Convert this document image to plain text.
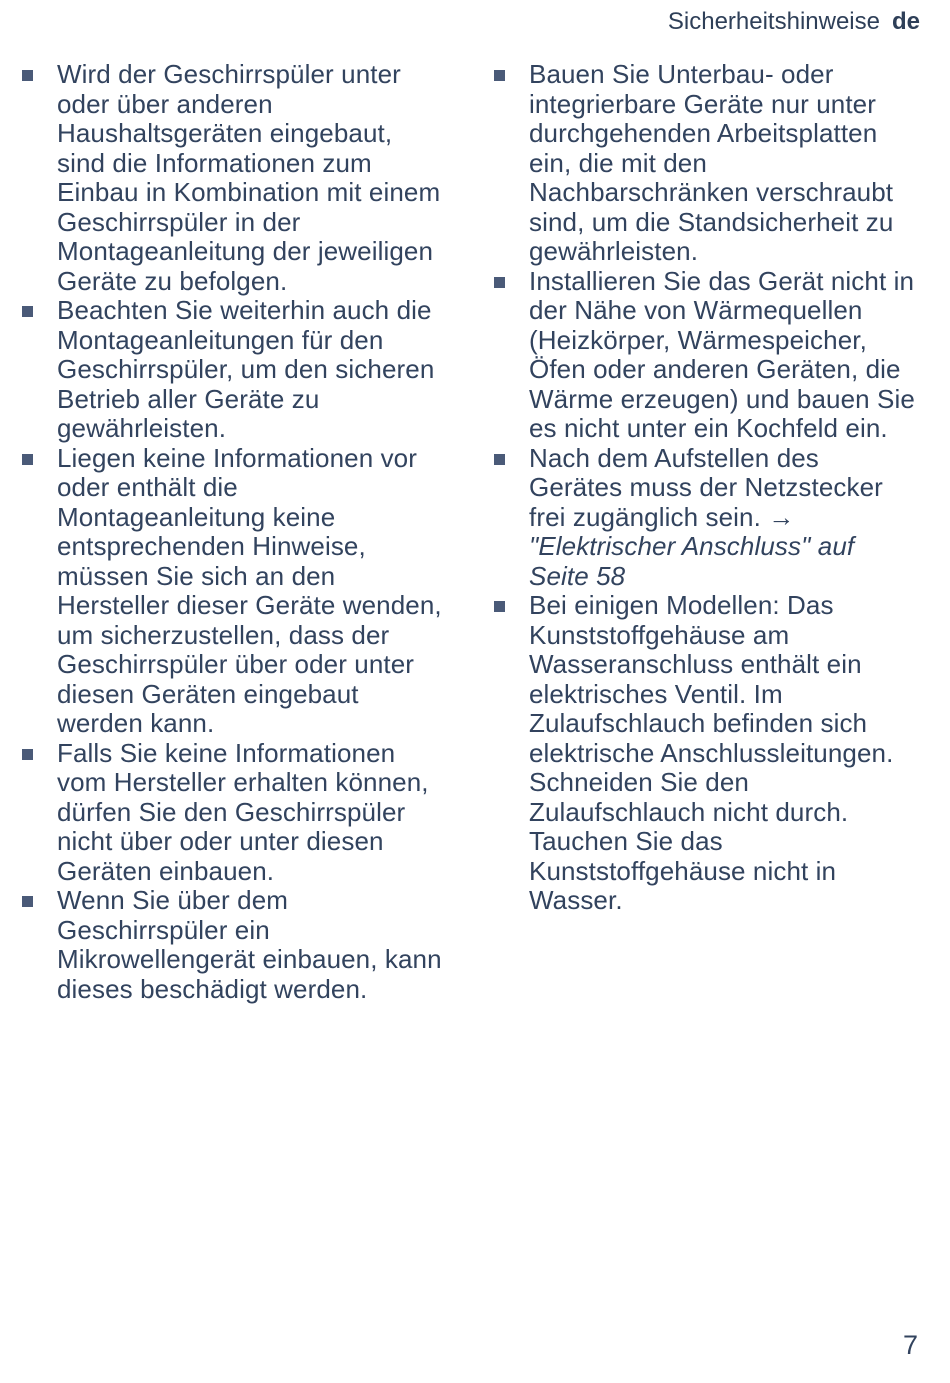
Sicherheitshinweise de
Wird der Geschirrspüler unter oder über anderen Haushaltsgeräten eingebaut, sind die Informationen zum Einbau in Kombination mit einem Geschirrspüler in der Montageanleitung der jeweiligen Geräte zu befolgen.
Beachten Sie weiterhin auch die Montageanleitungen für den Geschirrspüler, um den sicheren Betrieb aller Geräte zu gewährleisten.
Liegen keine Informationen vor oder enthält die Montageanleitung keine entsprechenden Hinweise, müssen Sie sich an den Hersteller dieser Geräte wenden, um sicherzustellen, dass der Geschirrspüler über oder unter diesen Geräten eingebaut werden kann.
Falls Sie keine Informationen vom Hersteller erhalten können, dürfen Sie den Geschirrspüler nicht über oder unter diesen Geräten einbauen.
Wenn Sie über dem Geschirrspüler ein Mikrowellengerät einbauen, kann dieses beschädigt werden.
Bauen Sie Unterbau- oder integrierbare Geräte nur unter durchgehenden Arbeitsplatten ein, die mit den Nachbarschränken verschraubt sind, um die Standsicherheit zu gewährleisten.
Installieren Sie das Gerät nicht in der Nähe von Wärmequellen (Heizkörper, Wärmespeicher, Öfen oder anderen Geräten, die Wärme erzeugen) und bauen Sie es nicht unter ein Kochfeld ein.
Nach dem Aufstellen des Gerätes muss der Netzstecker frei zugänglich sein. → "Elektrischer Anschluss" auf Seite 58
Bei einigen Modellen: Das Kunststoffgehäuse am Wasseranschluss enthält ein elektrisches Ventil. Im Zulaufschlauch befinden sich elektrische Anschlussleitungen. Schneiden Sie den Zulaufschlauch nicht durch. Tauchen Sie das Kunststoffgehäuse nicht in Wasser.
7
